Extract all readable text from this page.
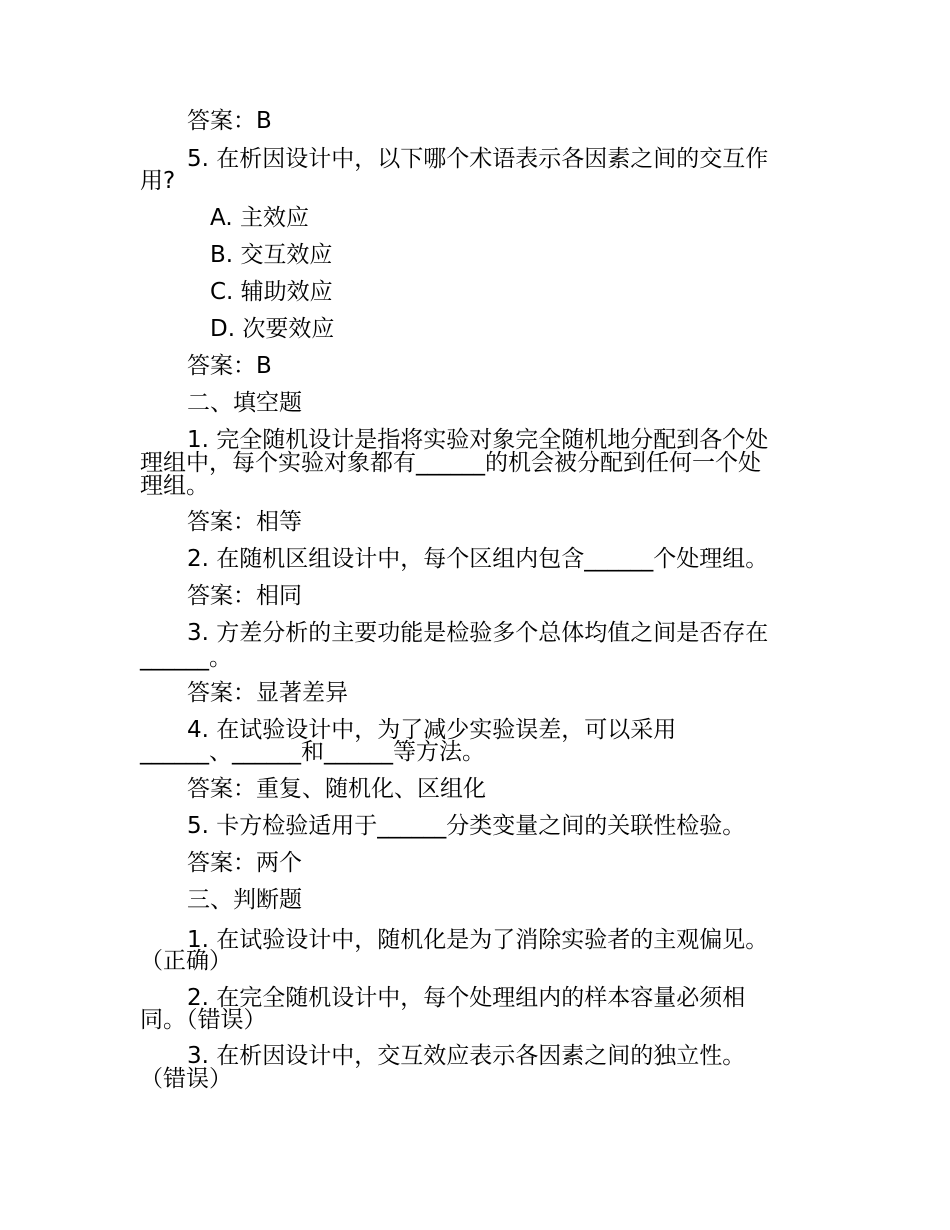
答案：B
5. 在析因设计中，以下哪个术语表示各因素之间的交互作
用?
A. 主效应
B. 交互效应
C. 辅助效应
D. 次要效应
答案：B
二、填空题
1. 完全随机设计是指将实验对象完全随机地分配到各个处
理组中，每个实验对象都有______的机会被分配到任何一个处
理组。
答案：相等
2. 在随机区组设计中，每个区组内包含______个处理组。
答案：相同
3. 方差分析的主要功能是检验多个总体均值之间是否存在
______。
答案：显著差异
4. 在试验设计中，为了减少实验误差，可以采用
______、______和______等方法。
答案：重复、随机化、区组化
5. 卡方检验适用于______分类变量之间的关联性检验。
答案：两个
三、判断题
1. 在试验设计中，随机化是为了消除实验者的主观偏见。
（正确）
2. 在完全随机设计中，每个处理组内的样本容量必须相
同。（错误）
3. 在析因设计中，交互效应表示各因素之间的独立性。
（错误）
